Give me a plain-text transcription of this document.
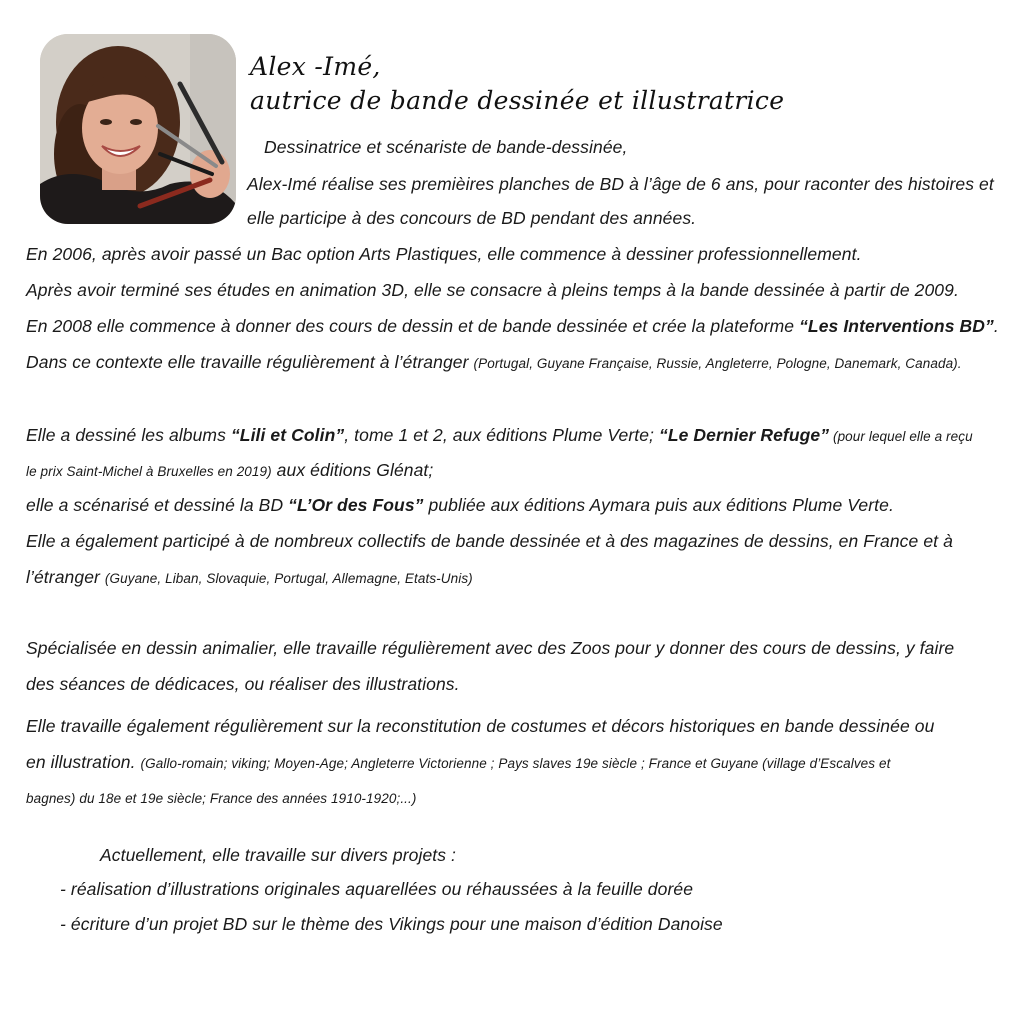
Alex -Imé,
autrice de bande dessinée et illustratrice
Dessinatrice et scénariste de bande-dessinée,
Alex-Imé réalise ses premièires planches de BD à l’âge de 6 ans, pour raconter des histoires et
elle participe à des concours de BD pendant des années.
En 2006, après avoir passé un Bac option Arts Plastiques, elle commence à dessiner professionnellement.
Après avoir terminé ses études en animation 3D, elle se consacre à pleins temps à la bande dessinée à partir de 2009.
En 2008 elle commence à donner des cours de dessin et de bande dessinée et crée la plateforme “Les Interventions BD”.
Dans ce contexte elle travaille régulièrement à l’étranger (Portugal, Guyane Française, Russie, Angleterre, Pologne, Danemark, Canada).
Elle a dessiné les albums “Lili et Colin”, tome 1 et 2, aux éditions Plume Verte; “Le Dernier Refuge” (pour lequel elle a reçu
le prix Saint-Michel à Bruxelles en 2019) aux éditions Glénat;
elle a scénarisé et dessiné la BD “L’Or des Fous” publiée aux éditions Aymara puis aux éditions Plume Verte.
Elle a également participé à de nombreux collectifs de bande dessinée et à des magazines de dessins, en France et à
l’étranger (Guyane, Liban, Slovaquie, Portugal, Allemagne, Etats-Unis)
Spécialisée en dessin animalier, elle travaille régulièrement avec des Zoos pour y donner des cours de dessins, y faire
des séances de dédicaces, ou réaliser des illustrations.
Elle travaille également régulièrement sur la reconstitution de costumes et décors historiques en bande dessinée ou
en illustration. (Gallo-romain; viking; Moyen-Age; Angleterre Victorienne ; Pays slaves 19e siècle ; France et Guyane (village d’Escalves et
bagnes) du 18e et 19e siècle; France des années 1910-1920;...)
Actuellement, elle travaille sur divers projets :
- réalisation d’illustrations originales aquarellées ou réhaussées à la feuille dorée
- écriture d’un projet BD sur le thème des Vikings pour une maison d’édition Danoise
